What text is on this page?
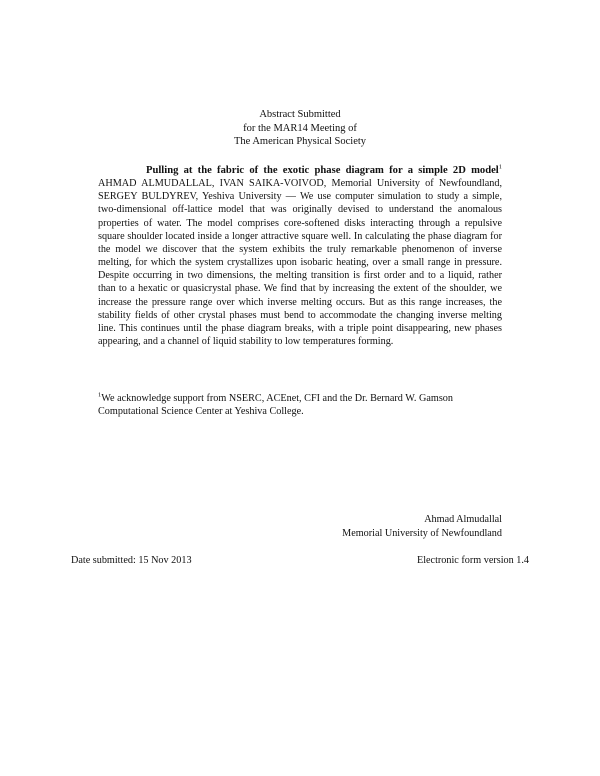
Abstract Submitted
for the MAR14 Meeting of
The American Physical Society

Pulling at the fabric of the exotic phase diagram for a simple 2D model$^1$ AHMAD ALMUDALLAL, IVAN SAIKA-VOIVOD, Memorial University of Newfoundland, SERGEY BULDYREV, Yeshiva University — We use computer simulation to study a simple, two-dimensional off-lattice model that was originally devised to understand the anomalous properties of water. The model comprises core-softened disks interacting through a repulsive square shoulder located inside a longer attractive square well. In calculating the phase diagram for the model we discover that the system exhibits the truly remarkable phenomenon of inverse melting, for which the system crystallizes upon isobaric heating, over a small range in pressure. Despite occurring in two dimensions, the melting transition is first order and to a liquid, rather than to a hexatic or quasicrystal phase. We find that by increasing the extent of the shoulder, we increase the pressure range over which inverse melting occurs. But as this range increases, the stability fields of other crystal phases must bend to accommodate the changing inverse melting line. This continues until the phase diagram breaks, with a triple point disappearing, new phases appearing, and a channel of liquid stability to low temperatures forming.

$^1$We acknowledge support from NSERC, ACEnet, CFI and the Dr. Bernard W. Gamson Computational Science Center at Yeshiva College.

Ahmad Almudallal
Memorial University of Newfoundland
Date submitted: 15 Nov 2013	Electronic form version 1.4
